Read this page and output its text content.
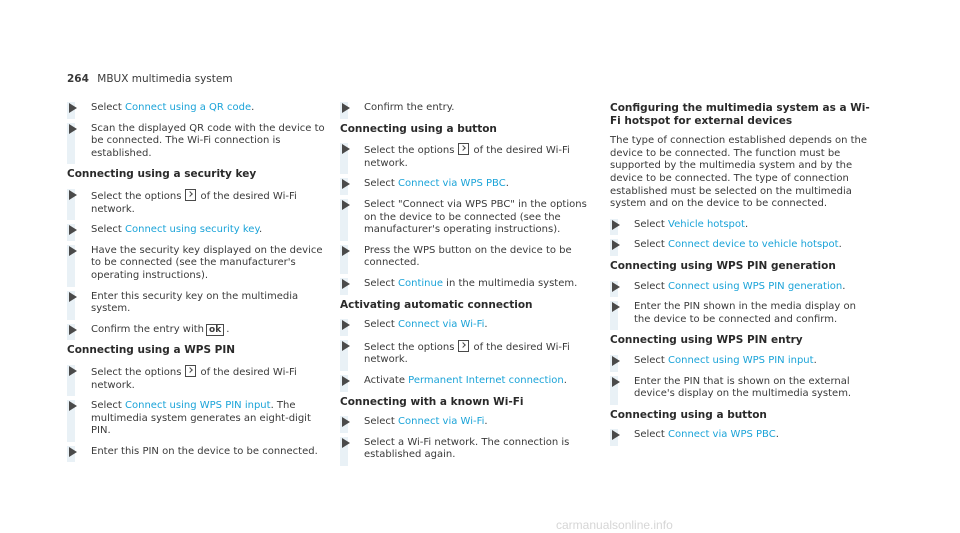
264 MBUX multimedia system
Select Connect using a QR code.
Scan the displayed QR code with the device to be connected. The Wi-Fi connection is established.
Connecting using a security key
Select the options of the desired Wi-Fi network.
Select Connect using security key.
Have the security key displayed on the device to be connected (see the manufacturer's operating instructions).
Enter this security key on the multimedia system.
Confirm the entry with ok .
Connecting using a WPS PIN
Select the options of the desired Wi-Fi network.
Select Connect using WPS PIN input. The multimedia system generates an eight-digit PIN.
Enter this PIN on the device to be connected.
Confirm the entry.
Connecting using a button
Select the options of the desired Wi-Fi network.
Select Connect via WPS PBC.
Select "Connect via WPS PBC" in the options on the device to be connected (see the manufacturer's operating instructions).
Press the WPS button on the device to be connected.
Select Continue in the multimedia system.
Activating automatic connection
Select Connect via Wi-Fi.
Select the options of the desired Wi-Fi network.
Activate Permanent Internet connection.
Connecting with a known Wi-Fi
Select Connect via Wi-Fi.
Select a Wi-Fi network. The connection is established again.
Configuring the multimedia system as a Wi-Fi hotspot for external devices

The type of connection established depends on the device to be connected. The function must be supported by the multimedia system and by the device to be connected. The type of connection established must be selected on the multimedia system and on the device to be connected.

Select Vehicle hotspot.
Select Connect device to vehicle hotspot.
Connecting using WPS PIN generation
Select Connect using WPS PIN generation.
Enter the PIN shown in the media display on the device to be connected and confirm.
Connecting using WPS PIN entry
Select Connect using WPS PIN input.
Enter the PIN that is shown on the external device's display on the multimedia system.
Connecting using a button
Select Connect via WPS PBC.
carmanualsonline.info
